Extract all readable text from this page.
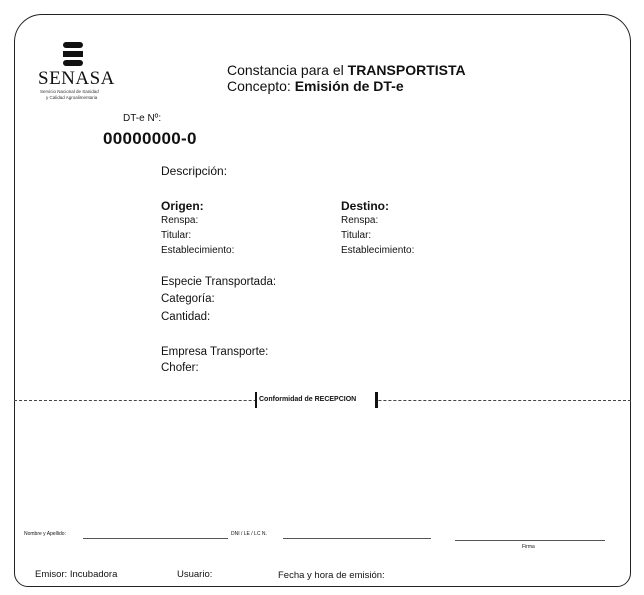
SENASA
Servicio Nacional de Sanidad
y Calidad Agroalimentaria
Constancia para el TRANSPORTISTA
Concepto: Emisión de DT-e
DT-e Nº:
00000000-0
Descripción:
Origen:
Renspa:
Titular:
Establecimiento:
Destino:
Renspa:
Titular:
Establecimiento:
Especie Transportada:
Categoría:
Cantidad:
Empresa Transporte:
Chofer:
Conformidad de RECEPCION
Nombre y Apellido:	DNI / LE / LC N.
Firma
Emisor: Incubadora	Usuario:	Fecha y hora de emisión:
